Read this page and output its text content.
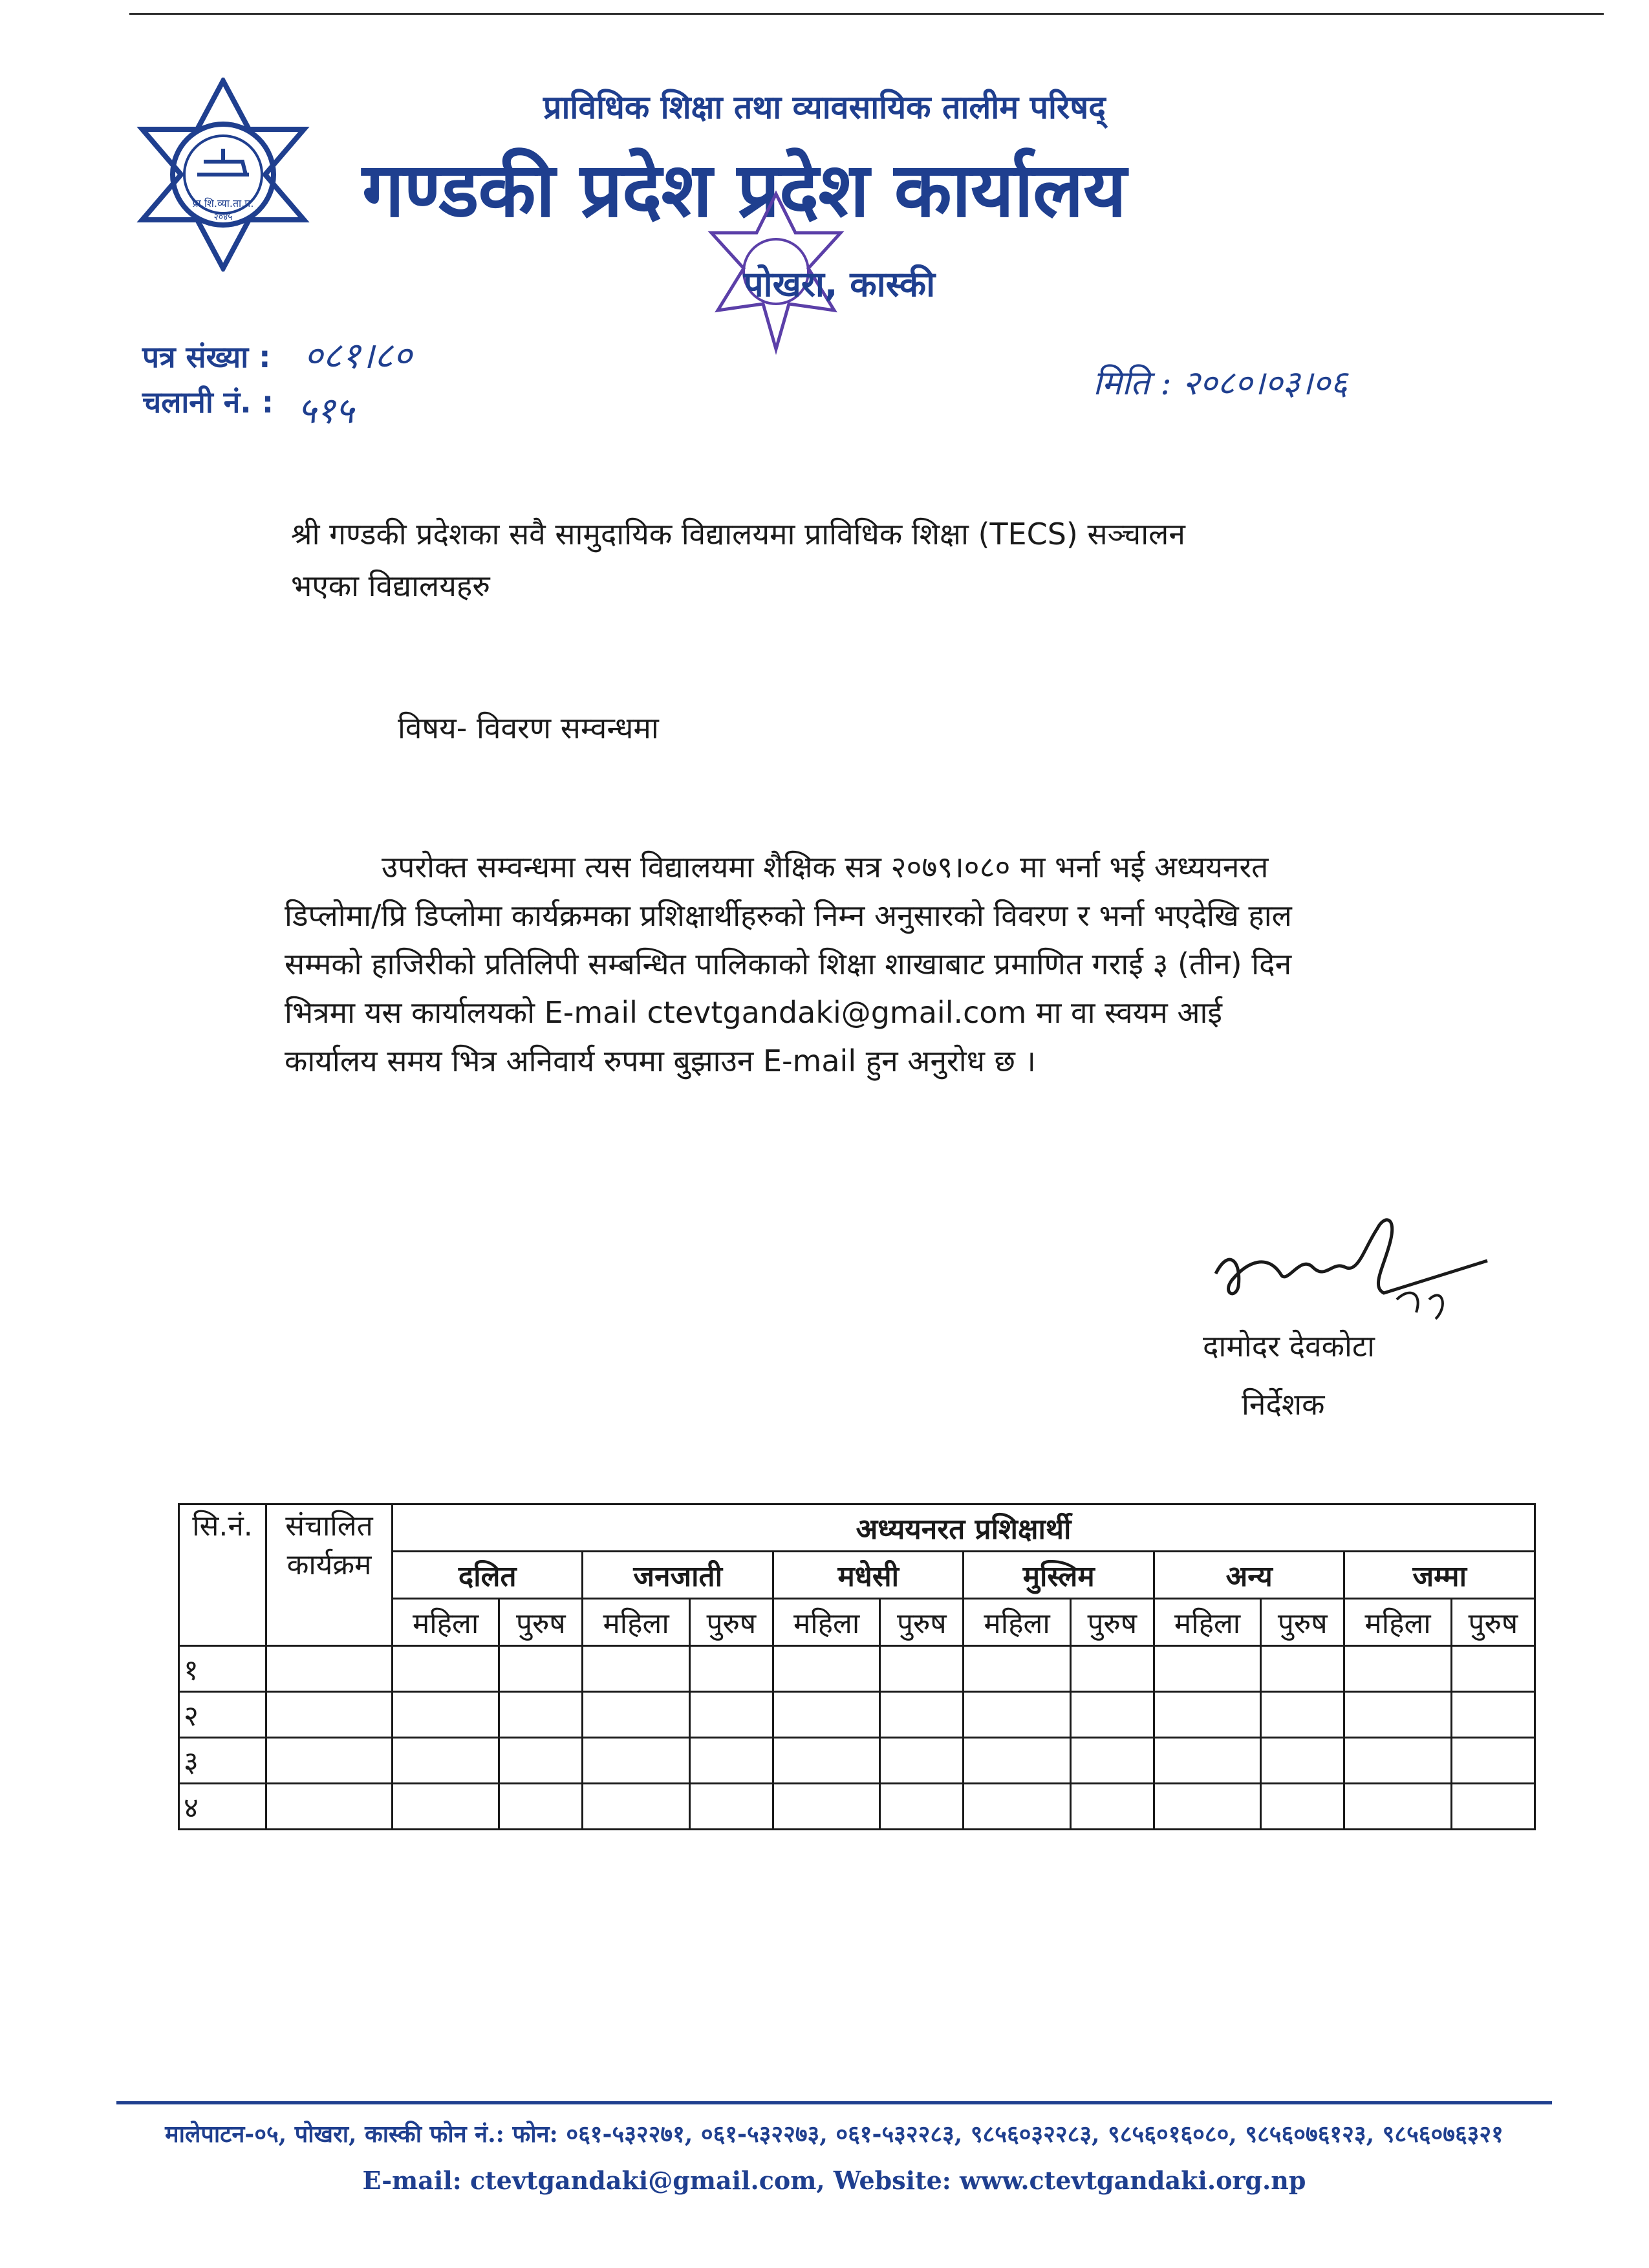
प्रा.शि.व्या.ता.प.
२०४५
प्राविधिक शिक्षा तथा व्यावसायिक तालीम परिषद्
गण्डकी प्रदेश प्रदेश कार्यालय
पोखरा, कास्की
पत्र संख्या : ०८१।८०
चलानी नं. : ५१५
मिति : २०८०।०३।०६
श्री गण्डकी प्रदेशका सवै सामुदायिक विद्यालयमा प्राविधिक शिक्षा (TECS) सञ्चालन
भएका विद्यालयहरु
विषय- विवरण सम्वन्धमा
उपरोक्त सम्वन्धमा त्यस विद्यालयमा शैक्षिक सत्र २०७९।०८० मा भर्ना भई अध्ययनरत
डिप्लोमा/प्रि डिप्लोमा कार्यक्रमका प्रशिक्षार्थीहरुको निम्न अनुसारको विवरण र भर्ना भएदेखि हाल
सम्मको हाजिरीको प्रतिलिपी सम्बन्धित पालिकाको शिक्षा शाखाबाट प्रमाणित गराई ३ (तीन) दिन
भित्रमा यस कार्यालयको E-mail ctevtgandaki@gmail.com मा वा स्वयम आई
कार्यालय समय भित्र अनिवार्य रुपमा बुझाउन E-mail हुन अनुरोध छ ।
दामोदर देवकोटा
निर्देशक
सि.नं.	संचालित कार्यक्रम	अध्ययनरत प्रशिक्षार्थी											
		दलित		जनजाती		मधेसी		मुस्लिम		अन्य		जम्मा	
		महिला	पुरुष	महिला	पुरुष	महिला	पुरुष	महिला	पुरुष	महिला	पुरुष	महिला	पुरुष
१													
२													
३													
४													
मालेपाटन-०५, पोखरा, कास्की फोन नं.: फोन: ०६१-५३२२७१, ०६१-५३२२७३, ०६१-५३२२८३, ९८५६०३२२८३, ९८५६०१६०८०, ९८५६०७६१२३, ९८५६०७६३२१
E-mail: ctevtgandaki@gmail.com, Website: www.ctevtgandaki.org.np
